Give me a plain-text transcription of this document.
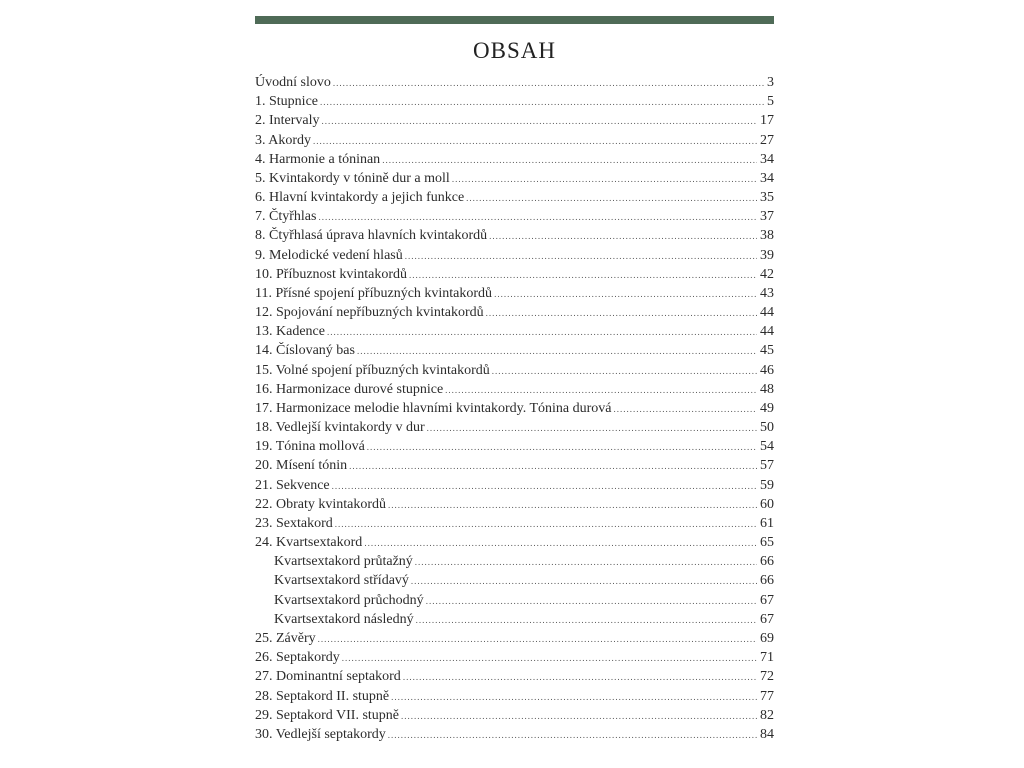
OBSAH
Úvodní slovo .....	3
1. Stupnice .....	5
2. Intervaly .....	17
3. Akordy .....	27
4. Harmonie a tóninan .....	34
5. Kvintakordy v tónině dur a moll .....	34
6. Hlavní kvintakordy a jejich funkce .....	35
7. Čtyřhlas .....	37
8. Čtyřhlasá úprava hlavních kvintakordů .....	38
9. Melodické vedení hlasů .....	39
10. Příbuznost kvintakordů .....	42
11. Přísné spojení příbuzných kvintakordů .....	43
12. Spojování nepříbuzných kvintakordů .....	44
13. Kadence .....	44
14. Číslovaný bas .....	45
15. Volné spojení příbuzných kvintakordů .....	46
16. Harmonizace durové stupnice .....	48
17. Harmonizace melodie hlavními kvintakordy. Tónina durová .....	49
18. Vedlejší kvintakordy v dur .....	50
19. Tónina mollová .....	54
20. Mísení tónin .....	57
21. Sekvence .....	59
22. Obraty kvintakordů .....	60
23. Sextakord .....	61
24. Kvartsextakord .....	65
Kvartsextakord průtažný .....	66
Kvartsextakord střídavý .....	66
Kvartsextakord průchodný .....	67
Kvartsextakord následný .....	67
25. Závěry .....	69
26. Septakordy .....	71
27. Dominantní septakord .....	72
28. Septakord II. stupně .....	77
29. Septakord VII. stupně .....	82
30. Vedlejší septakordy .....	84
